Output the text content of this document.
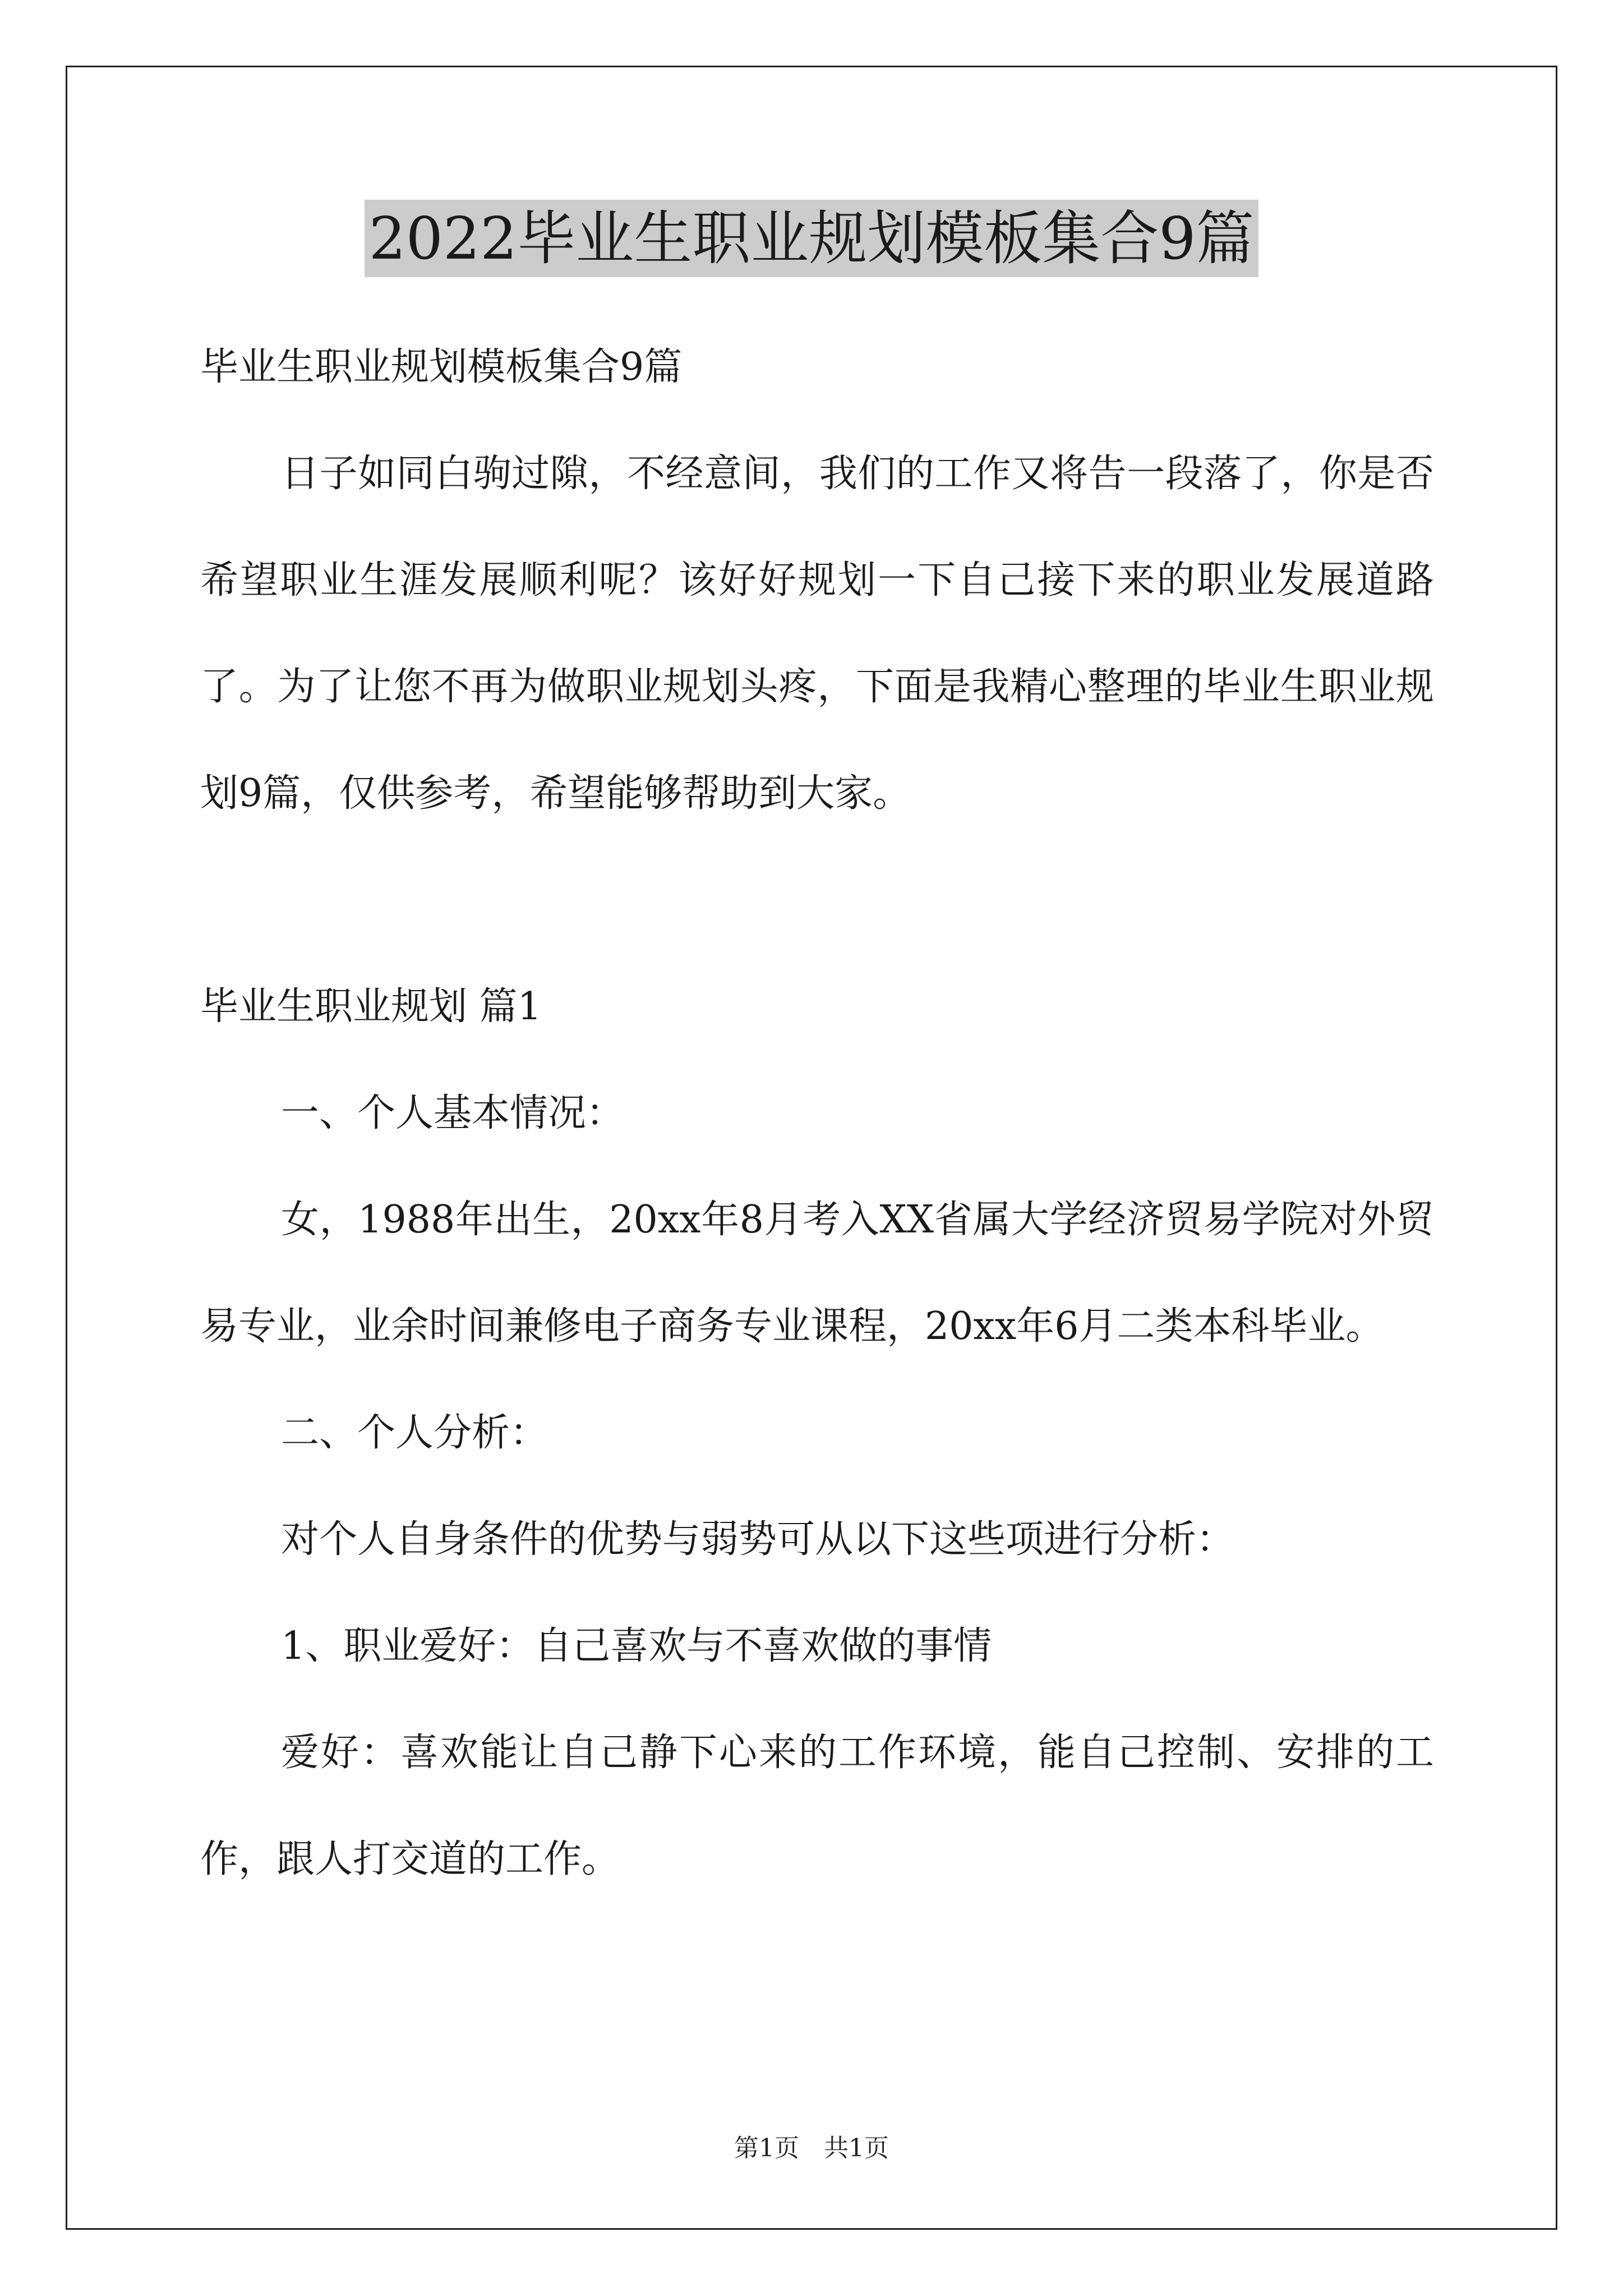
2022毕业生职业规划模板集合9篇

毕业生职业规划模板集合9篇

日子如同白驹过隙，不经意间，我们的工作又将告一段落了，你是否希望职业生涯发展顺利呢？该好好规划一下自己接下来的职业发展道路了。为了让您不再为做职业规划头疼，下面是我精心整理的毕业生职业规划9篇，仅供参考，希望能够帮助到大家。

毕业生职业规划 篇1

一、个人基本情况：

女，1988年出生，20xx年8月考入XX省属大学经济贸易学院对外贸易专业，业余时间兼修电子商务专业课程，20xx年6月二类本科毕业。

二、个人分析：

对个人自身条件的优势与弱势可从以下这些项进行分析：

1、职业爱好：自己喜欢与不喜欢做的事情

爱好：喜欢能让自己静下心来的工作环境，能自己控制、安排的工作，跟人打交道的工作。

第1页　共1页
